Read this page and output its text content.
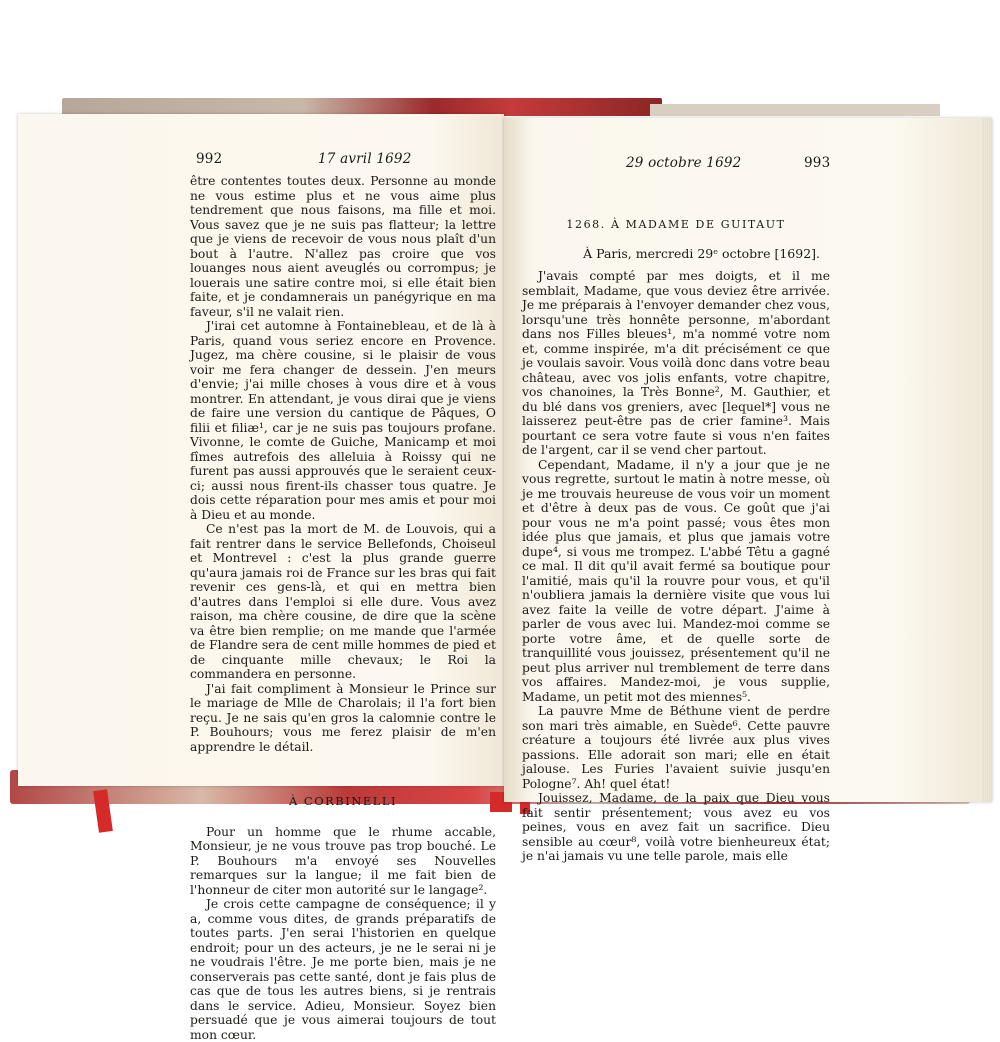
992	17 avril 1692

être contentes toutes deux. Personne au monde ne vous estime plus et ne vous aime plus tendrement que nous faisons, ma fille et moi. Vous savez que je ne suis pas flatteur; la lettre que je viens de recevoir de vous nous plaît d'un bout à l'autre. N'allez pas croire que vos louanges nous aient aveuglés ou corrompus; je louerais une satire contre moi, si elle était bien faite, et je condamnerais un panégyrique en ma faveur, s'il ne valait rien.

J'irai cet automne à Fontainebleau, et de là à Paris, quand vous seriez encore en Provence. Jugez, ma chère cousine, si le plaisir de vous voir me fera changer de dessein. J'en meurs d'envie; j'ai mille choses à vous dire et à vous montrer. En attendant, je vous dirai que je viens de faire une version du cantique de Pâques, O filii et filiæ¹, car je ne suis pas toujours profane. Vivonne, le comte de Guiche, Manicamp et moi fîmes autrefois des alleluia à Roissy qui ne furent pas aussi approuvés que le seraient ceux-ci; aussi nous firent-ils chasser tous quatre. Je dois cette réparation pour mes amis et pour moi à Dieu et au monde.

Ce n'est pas la mort de M. de Louvois, qui a fait rentrer dans le service Bellefonds, Choiseul et Montrevel : c'est la plus grande guerre qu'aura jamais roi de France sur les bras qui fait revenir ces gens-là, et qui en mettra bien d'autres dans l'emploi si elle dure. Vous avez raison, ma chère cousine, de dire que la scène va être bien remplie; on me mande que l'armée de Flandre sera de cent mille hommes de pied et de cinquante mille chevaux; le Roi la commandera en personne.

J'ai fait compliment à Monsieur le Prince sur le mariage de Mlle de Charolais; il l'a fort bien reçu. Je ne sais qu'en gros la calomnie contre le P. Bouhours; vous me ferez plaisir de m'en apprendre le détail.

À CORBINELLI

Pour un homme que le rhume accable, Monsieur, je ne vous trouve pas trop bouché. Le P. Bouhours m'a envoyé ses Nouvelles remarques sur la langue; il me fait bien de l'honneur de citer mon autorité sur le langage².

Je crois cette campagne de conséquence; il y a, comme vous dites, de grands préparatifs de toutes parts. J'en serai l'historien en quelque endroit; pour un des acteurs, je ne le serai ni je ne voudrais l'être. Je me porte bien, mais je ne conserverais pas cette santé, dont je fais plus de cas que de tous les autres biens, si je rentrais dans le service. Adieu, Monsieur. Soyez bien persuadé que je vous aimerai toujours de tout mon cœur.

29 octobre 1692	993
1268. À MADAME DE GUITAUT
À Paris, mercredi 29ᵉ octobre [1692].

J'avais compté par mes doigts, et il me semblait, Madame, que vous deviez être arrivée. Je me préparais à l'envoyer demander chez vous, lorsqu'une très honnête personne, m'abordant dans nos Filles bleues¹, m'a nommé votre nom et, comme inspirée, m'a dit précisément ce que je voulais savoir. Vous voilà donc dans votre beau château, avec vos jolis enfants, votre chapitre, vos chanoines, la Très Bonne², M. Gauthier, et du blé dans vos greniers, avec [lequel*] vous ne laisserez peut-être pas de crier famine³. Mais pourtant ce sera votre faute si vous n'en faites de l'argent, car il se vend cher partout.

Cependant, Madame, il n'y a jour que je ne vous regrette, surtout le matin à notre messe, où je me trouvais heureuse de vous voir un moment et d'être à deux pas de vous. Ce goût que j'ai pour vous ne m'a point passé; vous êtes mon idée plus que jamais, et plus que jamais votre dupe⁴, si vous me trompez. L'abbé Têtu a gagné ce mal. Il dit qu'il avait fermé sa boutique pour l'amitié, mais qu'il la rouvre pour vous, et qu'il n'oubliera jamais la dernière visite que vous lui avez faite la veille de votre départ. J'aime à parler de vous avec lui. Mandez-moi comme se porte votre âme, et de quelle sorte de tranquillité vous jouissez, présentement qu'il ne peut plus arriver nul tremblement de terre dans vos affaires. Mandez-moi, je vous supplie, Madame, un petit mot des miennes⁵.

La pauvre Mme de Béthune vient de perdre son mari très aimable, en Suède⁶. Cette pauvre créature a toujours été livrée aux plus vives passions. Elle adorait son mari; elle en était jalouse. Les Furies l'avaient suivie jusqu'en Pologne⁷. Ah! quel état!

Jouissez, Madame, de la paix que Dieu vous fait sentir présentement; vous avez eu vos peines, vous en avez fait un sacrifice. Dieu sensible au cœur⁸, voilà votre bienheureux état; je n'ai jamais vu une telle parole, mais elle
